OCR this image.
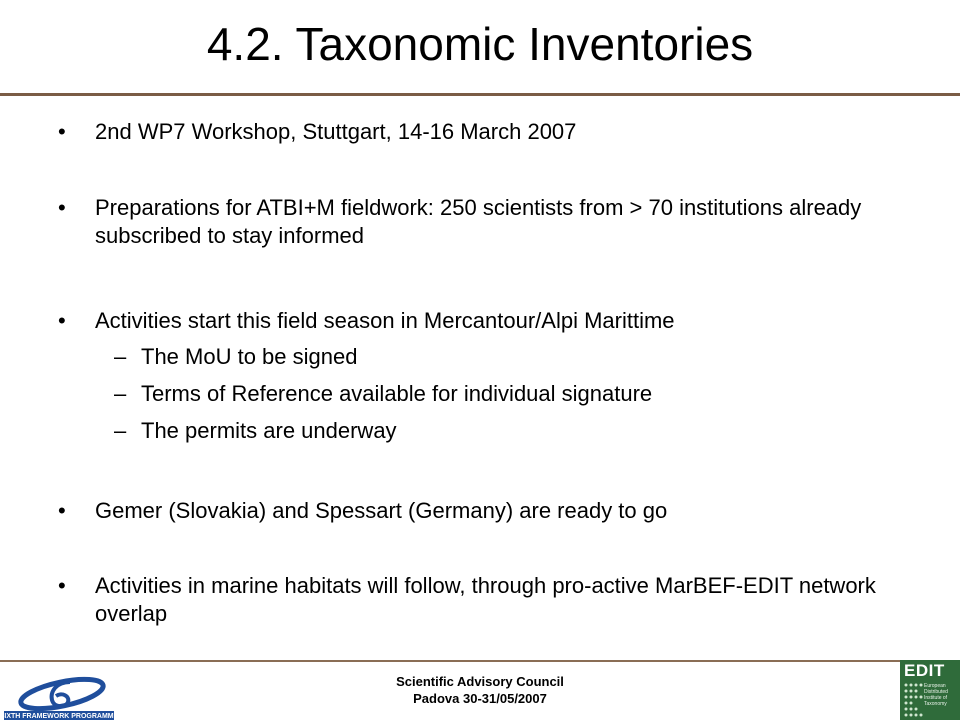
4.2. Taxonomic Inventories
• 2nd WP7 Workshop, Stuttgart, 14-16 March 2007
• Preparations for ATBI+M fieldwork: 250 scientists from > 70 institutions already subscribed to stay informed
• Activities start this field season in Mercantour/Alpi Marittime
– The MoU to be signed
– Terms of Reference available for individual signature
– The permits are underway
• Gemer (Slovakia) and Spessart (Germany) are ready to go
• Activities in marine habitats will follow, through pro-active MarBEF-EDIT network overlap
SIXTH FRAMEWORK PROGRAMME
Scientific Advisory Council
Padova 30-31/05/2007
EDIT
European
Distributed
Institute of
Taxonomy
